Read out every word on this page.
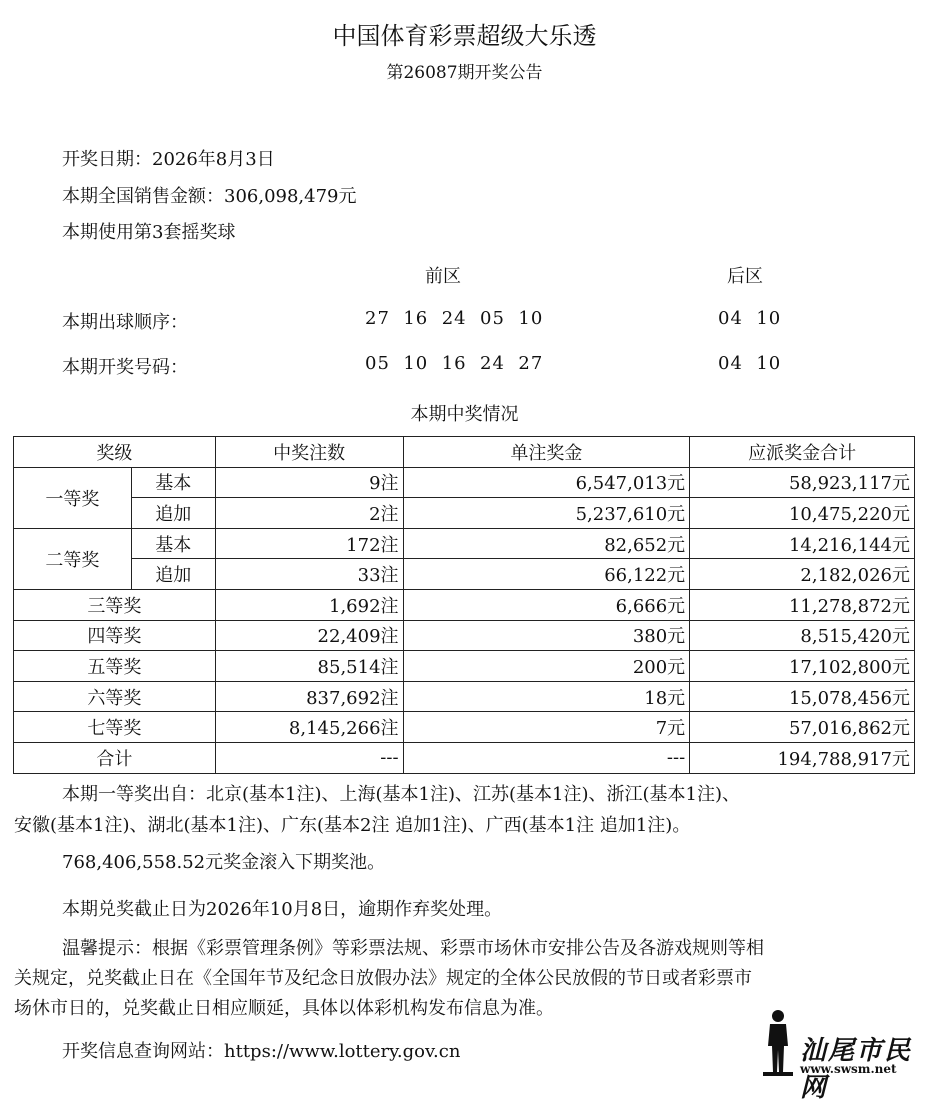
中国体育彩票超级大乐透
第26087期开奖公告
开奖日期：2026年8月3日
本期全国销售金额：306,098,479元
本期使用第3套摇奖球
前区	后区
本期出球顺序：	27  16  24  05  10	04  10
本期开奖号码：	05  10  16  24  27	04  10
本期中奖情况
奖级		中奖注数	单注奖金	应派奖金合计
一等奖	基本	9注	6,547,013元	58,923,117元
	追加	2注	5,237,610元	10,475,220元
二等奖	基本	172注	82,652元	14,216,144元
	追加	33注	66,122元	2,182,026元
三等奖		1,692注	6,666元	11,278,872元
四等奖		22,409注	380元	8,515,420元
五等奖		85,514注	200元	17,102,800元
六等奖		837,692注	18元	15,078,456元
七等奖		8,145,266注	7元	57,016,862元
合计		---	---	194,788,917元
本期一等奖出自：北京(基本1注)、上海(基本1注)、江苏(基本1注)、浙江(基本1注)、
安徽(基本1注)、湖北(基本1注)、广东(基本2注 追加1注)、广西(基本1注 追加1注)。
768,406,558.52元奖金滚入下期奖池。
本期兑奖截止日为2026年10月8日，逾期作弃奖处理。
温馨提示：根据《彩票管理条例》等彩票法规、彩票市场休市安排公告及各游戏规则等相
关规定，兑奖截止日在《全国年节及纪念日放假办法》规定的全体公民放假的节日或者彩票市
场休市日的，兑奖截止日相应顺延，具体以体彩机构发布信息为准。
开奖信息查询网站：https://www.lottery.gov.cn	汕尾市民网
www.swsm.net
